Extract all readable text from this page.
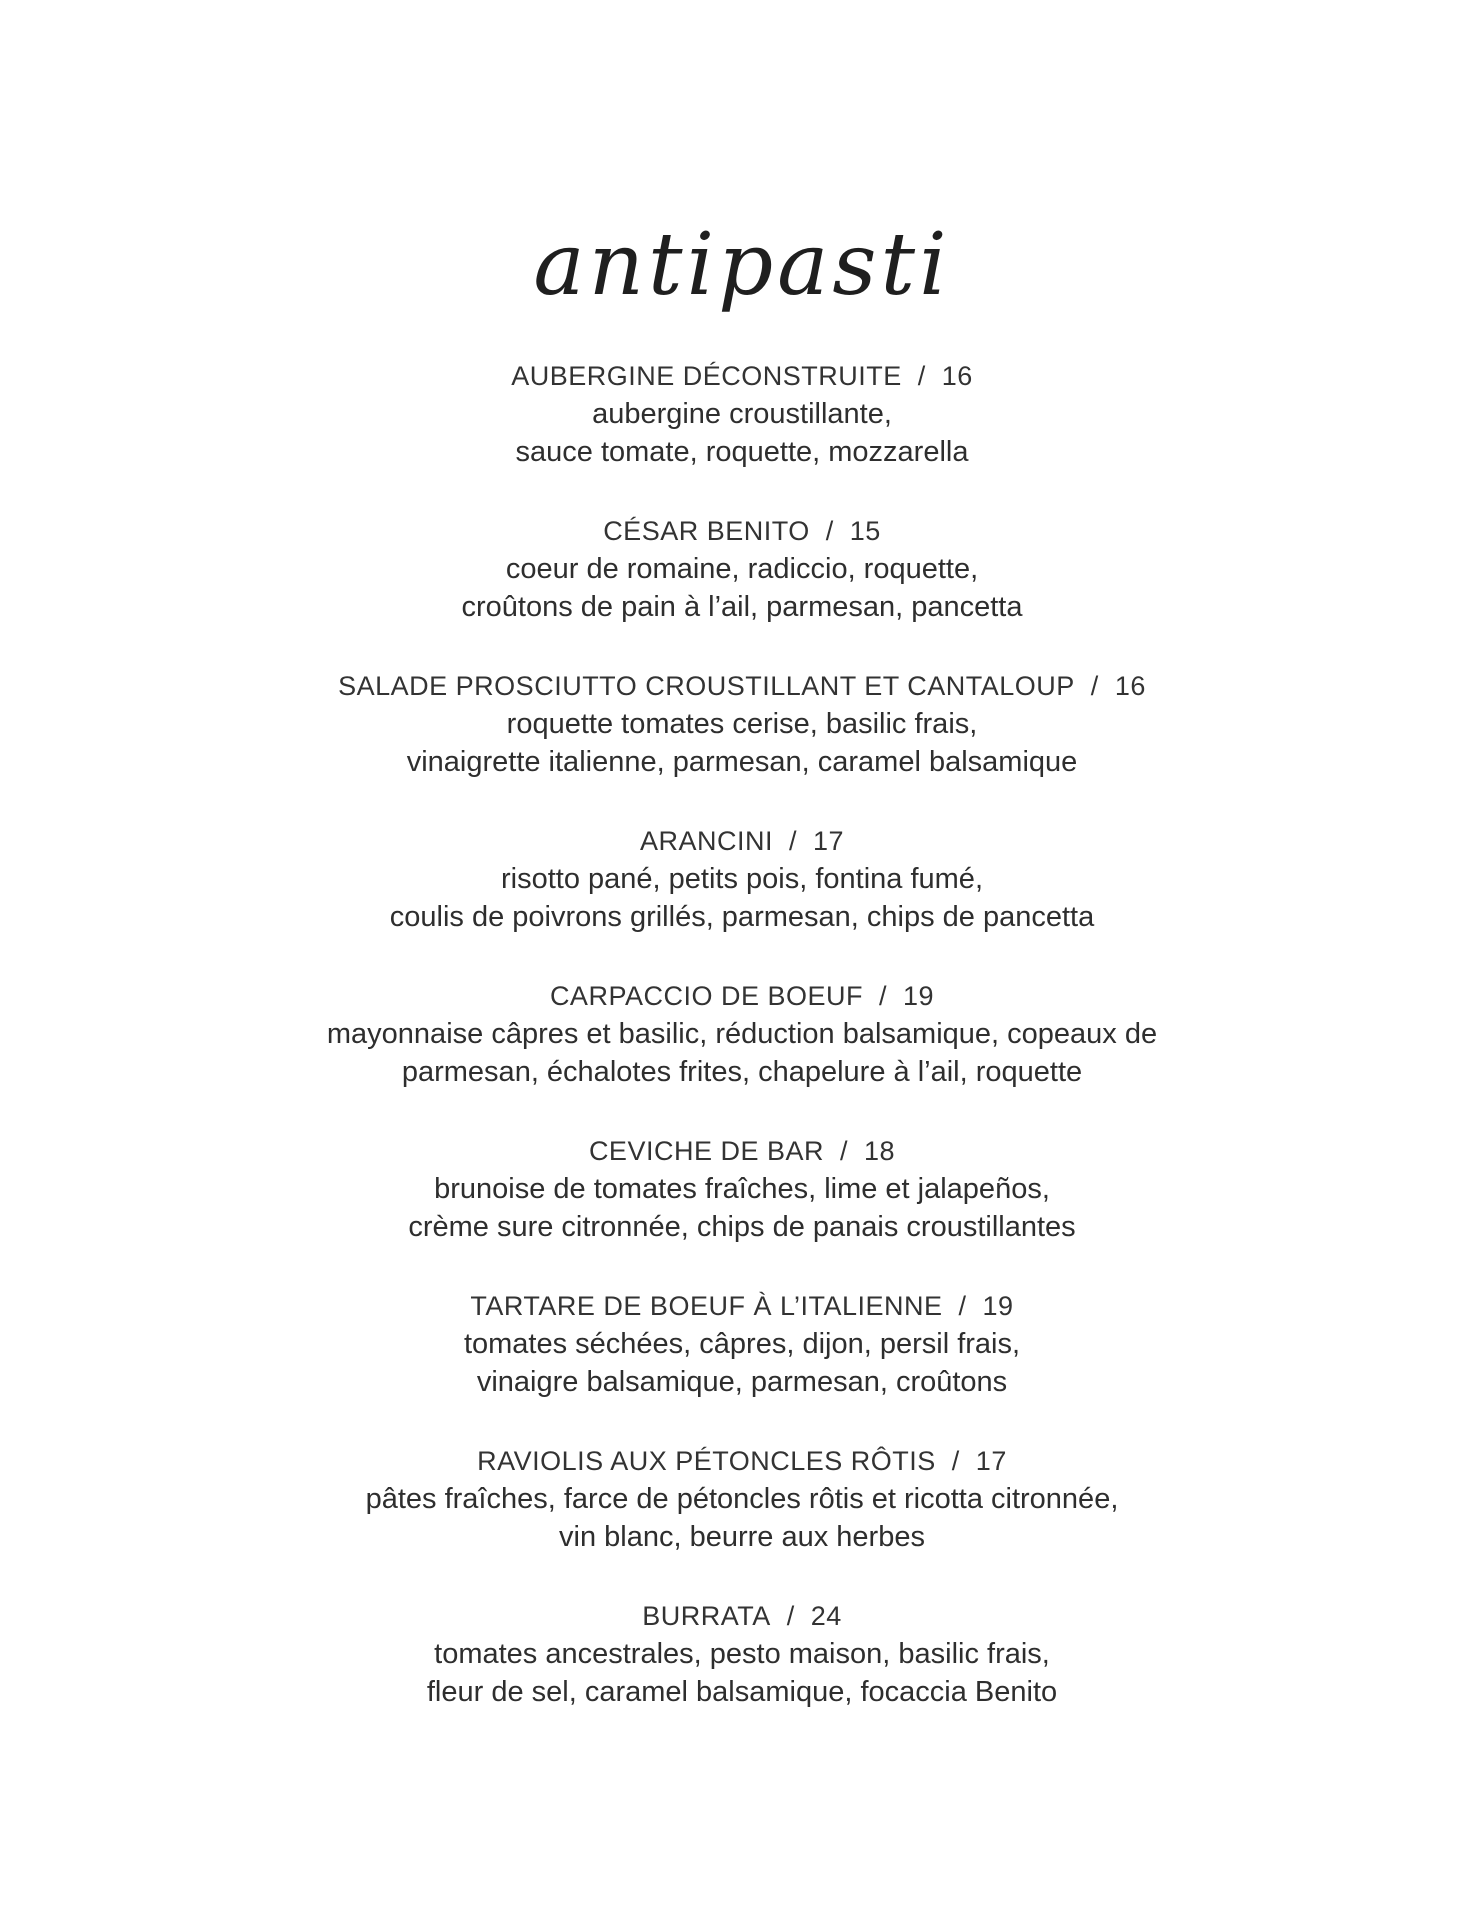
antipasti
AUBERGINE DÉCONSTRUITE  /  16
aubergine croustillante,
sauce tomate, roquette, mozzarella
CÉSAR BENITO  /  15
coeur de romaine, radiccio, roquette,
croûtons de pain à l’ail, parmesan, pancetta
SALADE PROSCIUTTO CROUSTILLANT ET CANTALOUP  /  16
roquette tomates cerise, basilic frais,
vinaigrette italienne, parmesan, caramel balsamique
ARANCINI  /  17
risotto pané, petits pois, fontina fumé,
coulis de poivrons grillés, parmesan, chips de pancetta
CARPACCIO DE BOEUF  /  19
mayonnaise câpres et basilic, réduction balsamique, copeaux de
parmesan, échalotes frites, chapelure à l’ail, roquette
CEVICHE DE BAR  /  18
brunoise de tomates fraîches, lime et jalapeños,
crème sure citronnée, chips de panais croustillantes
TARTARE DE BOEUF À L’ITALIENNE  /  19
tomates séchées, câpres, dijon, persil frais,
vinaigre balsamique, parmesan, croûtons
RAVIOLIS AUX PÉTONCLES RÔTIS  /  17
pâtes fraîches, farce de pétoncles rôtis et ricotta citronnée,
vin blanc, beurre aux herbes
BURRATA  /  24
tomates ancestrales, pesto maison, basilic frais,
fleur de sel, caramel balsamique, focaccia Benito
